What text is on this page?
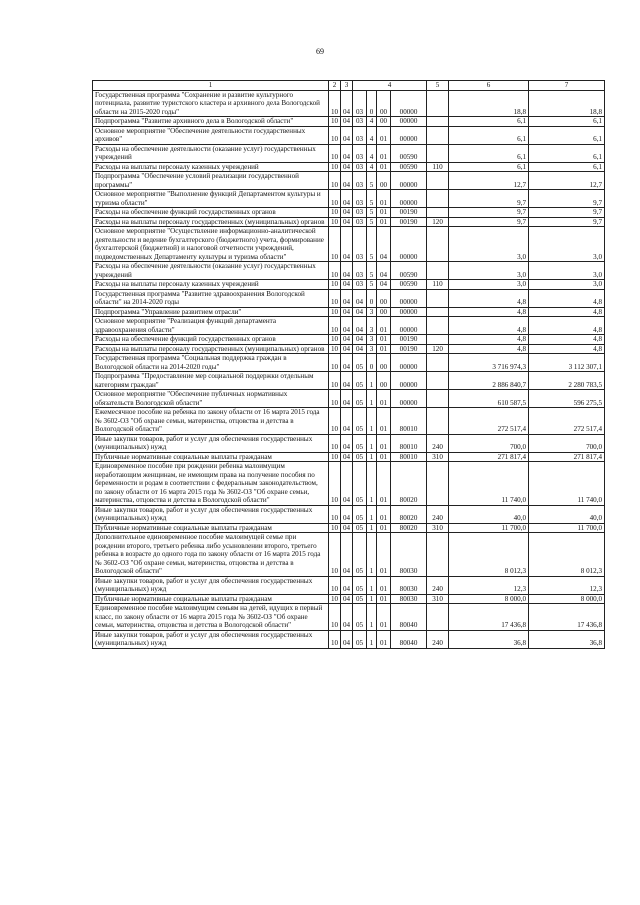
69
1	2	3	4				5	6	7
Государственная программа "Сохранение и развитие культурного потенциала, развитие туристского кластера и архивного дела Вологодской области на 2015-2020 годы"	10	04	03	0	00	00000		18,8	18,8
Подпрограмма "Развитие архивного дела в Вологодской области"	10	04	03	4	00	00000		6,1	6,1
Основное мероприятие "Обеспечение деятельности государственных архивов"	10	04	03	4	01	00000		6,1	6,1
Расходы на обеспечение деятельности (оказание услуг) государственных учреждений	10	04	03	4	01	00590		6,1	6,1
Расходы на выплаты персоналу казенных учреждений	10	04	03	4	01	00590	110	6,1	6,1
Подпрограмма "Обеспечение условий реализации государственной программы"	10	04	03	5	00	00000		12,7	12,7
Основное мероприятие "Выполнение функций Департаментом культуры и туризма области"	10	04	03	5	01	00000		9,7	9,7
Расходы на обеспечение функций государственных органов	10	04	03	5	01	00190		9,7	9,7
Расходы на выплаты персоналу государственных (муниципальных) органов	10	04	03	5	01	00190	120	9,7	9,7
Основное мероприятие "Осуществление информационно-аналитической деятельности и ведение бухгалтерского (бюджетного) учета, формирование бухгалтерской (бюджетной) и налоговой отчетности учреждений, подведомственных Департаменту культуры и туризма области"	10	04	03	5	04	00000		3,0	3,0
Расходы на обеспечение деятельности (оказание услуг) государственных учреждений	10	04	03	5	04	00590		3,0	3,0
Расходы на выплаты персоналу казенных учреждений	10	04	03	5	04	00590	110	3,0	3,0
Государственная программа "Развитие здравоохранения Вологодской области" на 2014-2020 годы	10	04	04	0	00	00000		4,8	4,8
Подпрограмма "Управление развитием отрасли"	10	04	04	3	00	00000		4,8	4,8
Основное мероприятие "Реализация функций департамента здравоохранения области"	10	04	04	3	01	00000		4,8	4,8
Расходы на обеспечение функций государственных органов	10	04	04	3	01	00190		4,8	4,8
Расходы на выплаты персоналу государственных (муниципальных) органов	10	04	04	3	01	00190	120	4,8	4,8
Государственная программа "Социальная поддержка граждан в Вологодской области на 2014-2020 годы"	10	04	05	0	00	00000		3 716 974,3	3 112 307,1
Подпрограмма "Предоставление мер социальной поддержки отдельным категориям граждан"	10	04	05	1	00	00000		2 886 840,7	2 280 783,5
Основное мероприятие "Обеспечение публичных нормативных обязательств Вологодской области"	10	04	05	1	01	00000		610 587,5	596 275,5
Ежемесячное пособие на ребенка по закону области от 16 марта 2015 года № 3602-ОЗ "Об охране семьи, материнства, отцовства и детства в Вологодской области"	10	04	05	1	01	80010		272 517,4	272 517,4
Иные закупки товаров, работ и услуг для обеспечения государственных (муниципальных) нужд	10	04	05	1	01	80010	240	700,0	700,0
Публичные нормативные социальные выплаты гражданам	10	04	05	1	01	80010	310	271 817,4	271 817,4
Единовременное пособие при рождении ребенка малоимущим неработающим женщинам, не имеющим права на получение пособия по беременности и родам в соответствии с федеральным законодательством, по закону области от 16 марта 2015 года № 3602-ОЗ "Об охране семьи, материнства, отцовства и детства в Вологодской области"	10	04	05	1	01	80020		11 740,0	11 740,0
Иные закупки товаров, работ и услуг для обеспечения государственных (муниципальных) нужд	10	04	05	1	01	80020	240	40,0	40,0
Публичные нормативные социальные выплаты гражданам	10	04	05	1	01	80020	310	11 700,0	11 700,0
Дополнительное единовременное пособие малоимущей семье при рождении второго, третьего ребенка либо усыновлении второго, третьего ребенка в возрасте до одного года по закону области от 16 марта 2015 года № 3602-ОЗ "Об охране семьи, материнства, отцовства и детства в Вологодской области"	10	04	05	1	01	80030		8 012,3	8 012,3
Иные закупки товаров, работ и услуг для обеспечения государственных (муниципальных) нужд	10	04	05	1	01	80030	240	12,3	12,3
Публичные нормативные социальные выплаты гражданам	10	04	05	1	01	80030	310	8 000,0	8 000,0
Единовременное пособие малоимущим семьям на детей, идущих в первый класс, по закону области от 16 марта 2015 года № 3602-ОЗ "Об охране семьи, материнства, отцовства и детства в Вологодской области"	10	04	05	1	01	80040		17 436,8	17 436,8
Иные закупки товаров, работ и услуг для обеспечения государственных (муниципальных) нужд	10	04	05	1	01	80040	240	36,8	36,8
